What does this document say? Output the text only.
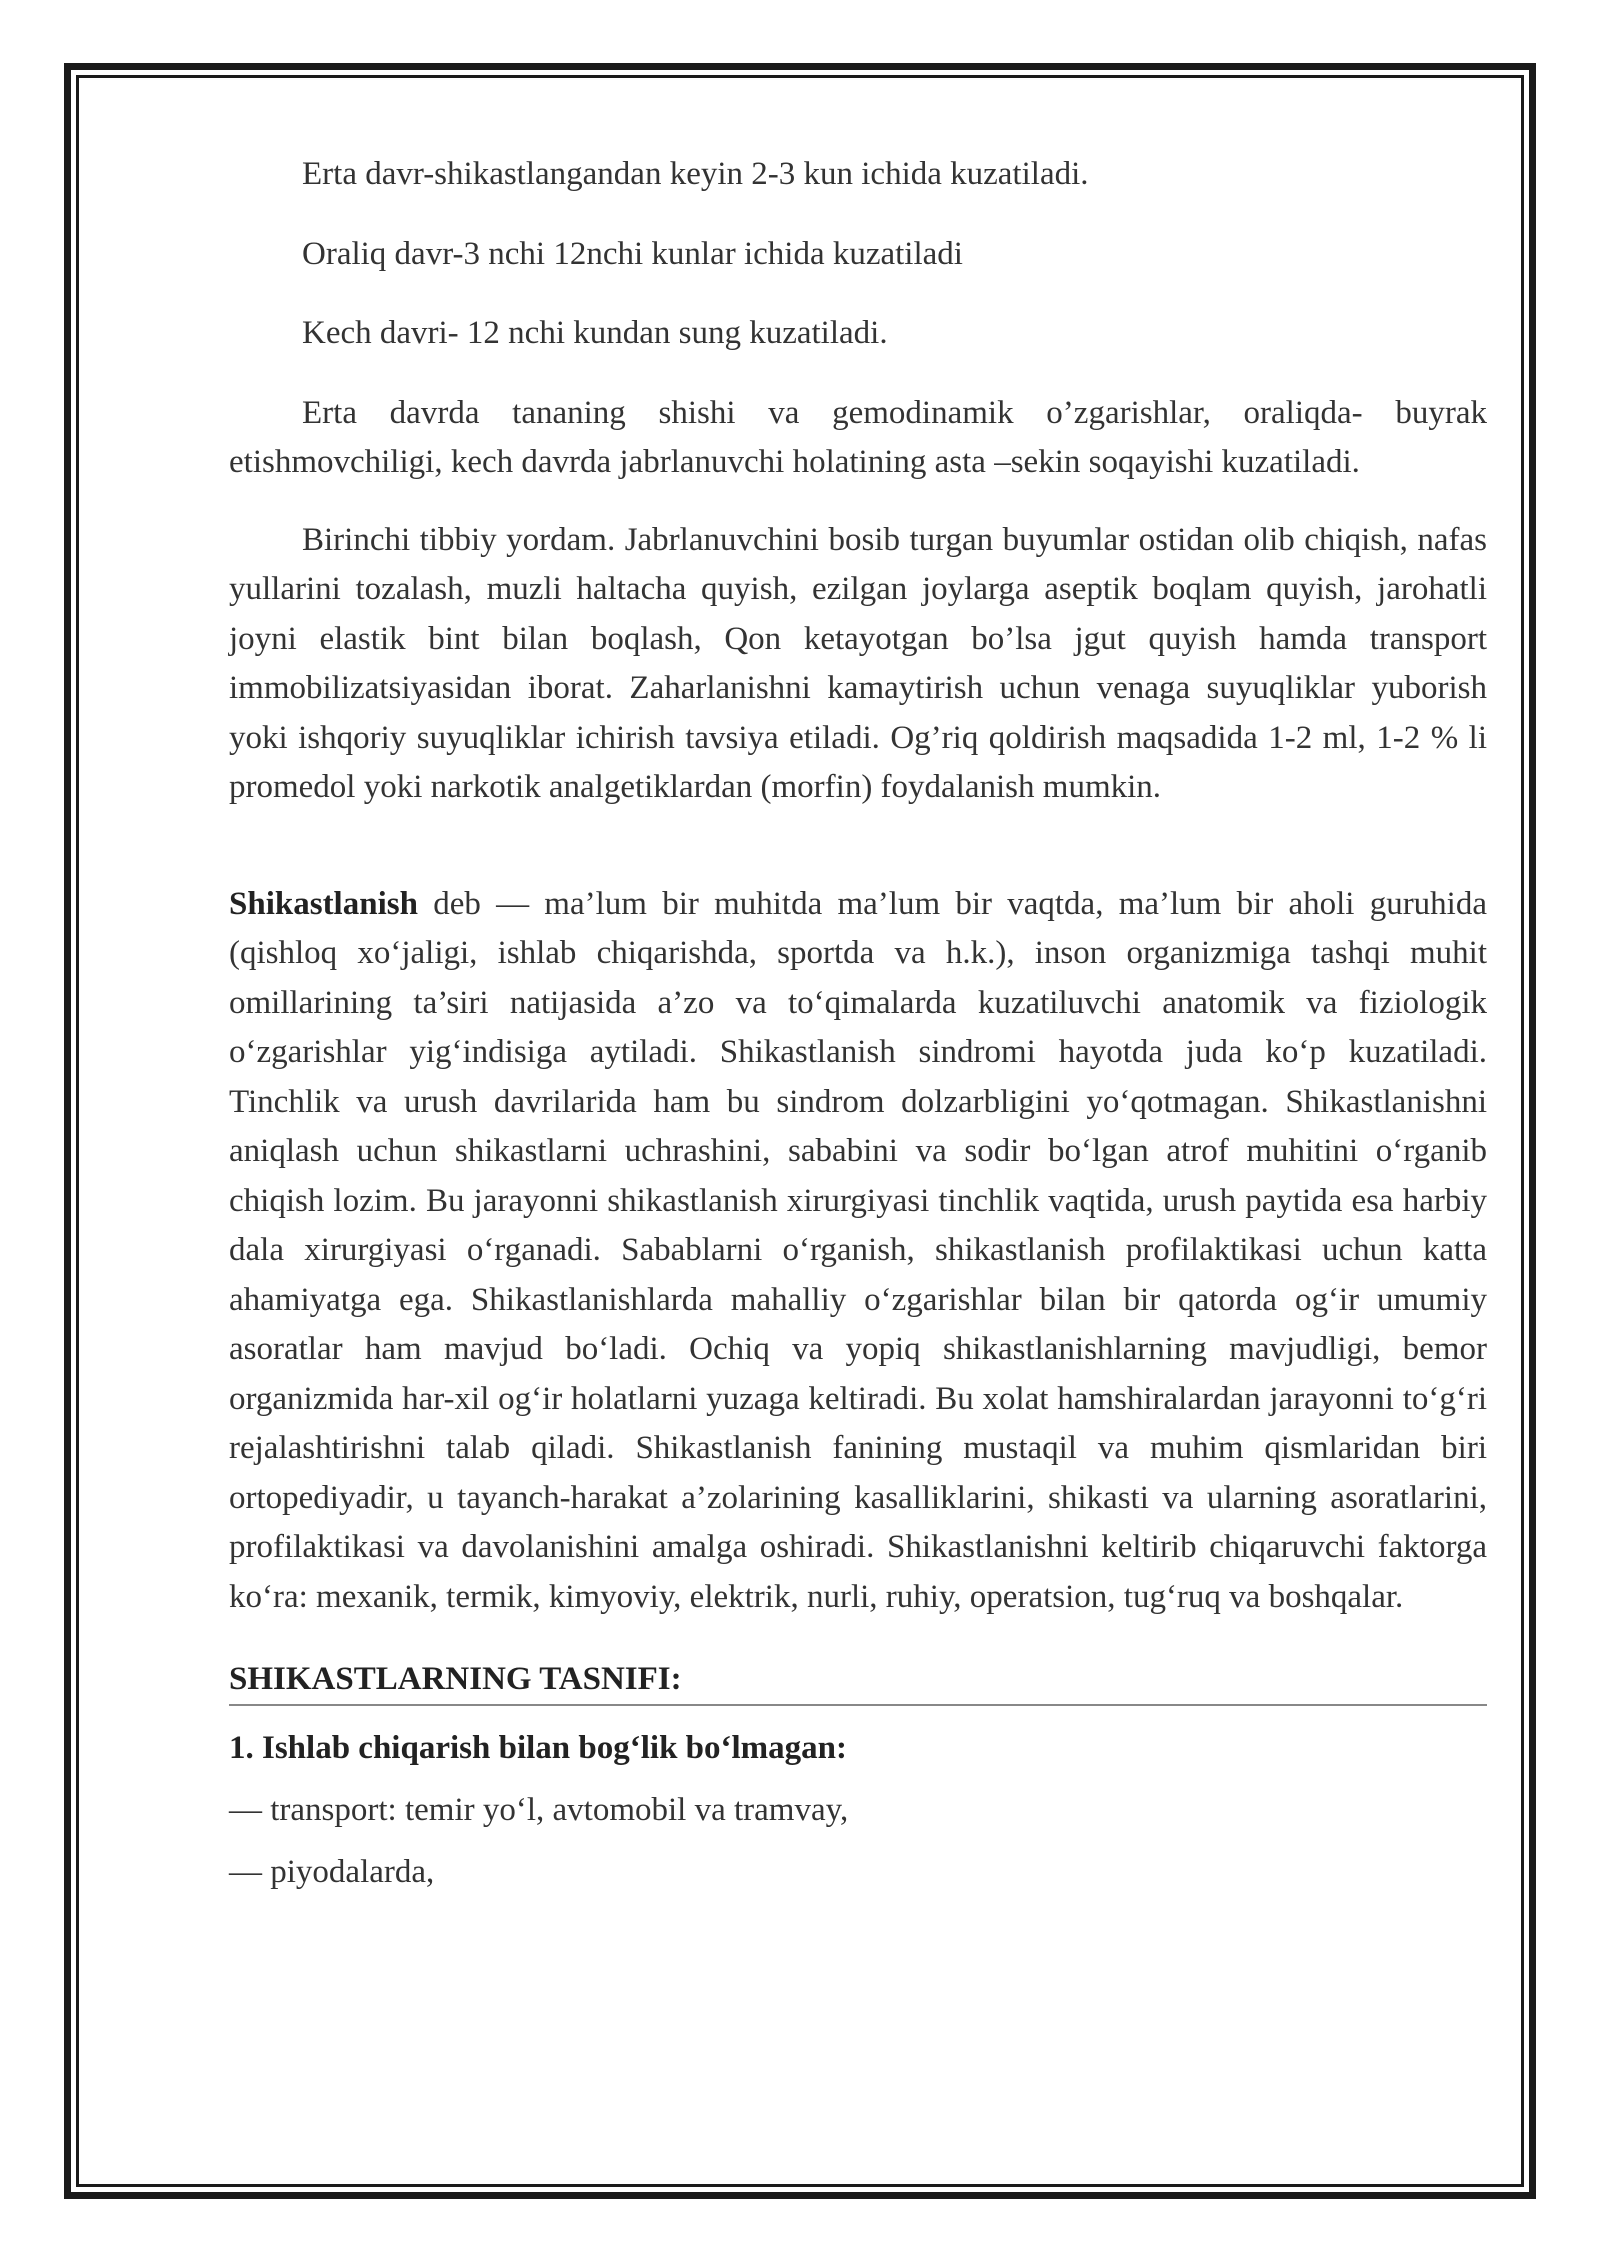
Erta davr-shikastlangandan keyin 2-3 kun ichida kuzatiladi.

Oraliq davr-3 nchi 12nchi kunlar ichida kuzatiladi

Kech davri- 12 nchi kundan sung kuzatiladi.

Erta davrda tananing shishi va gemodinamik o’zgarishlar, oraliqda- buyrak etishmovchiligi, kech davrda jabrlanuvchi holatining asta –sekin soqayishi kuzatiladi.

Birinchi tibbiy yordam. Jabrlanuvchini bosib turgan buyumlar ostidan olib chiqish, nafas yullarini tozalash, muzli haltacha quyish, ezilgan joylarga aseptik boqlam quyish, jarohatli joyni elastik bint bilan boqlash, Qon ketayotgan bo’lsa jgut quyish hamda transport immobilizatsiyasidan iborat. Zaharlanishni kamaytirish uchun venaga suyuqliklar yuborish yoki ishqoriy suyuqliklar ichirish tavsiya etiladi. Og’riq qoldirish maqsadida 1-2 ml, 1-2 % li promedol yoki narkotik analgetiklardan (morfin) foydalanish mumkin.

Shikastlanish deb — ma’lum bir muhitda ma’lum bir vaqtda, ma’lum bir aholi guruhida (qishloq xo‘jaligi, ishlab chiqarishda, sportda va h.k.), inson organizmiga tashqi muhit omillarining ta’siri natijasida a’zo va to‘qimalarda kuzatiluvchi anatomik va fiziologik o‘zgarishlar yig‘indisiga aytiladi. Shikastlanish sindromi hayotda juda ko‘p kuzatiladi. Tinchlik va urush davrilarida ham bu sindrom dolzarbligini yo‘qotmagan. Shikastlanishni aniqlash uchun shikastlarni uchrashini, sababini va sodir bo‘lgan atrof muhitini o‘rganib chiqish lozim. Bu jarayonni shikastlanish xirurgiyasi tinchlik vaqtida, urush paytida esa harbiy dala xirurgiyasi o‘rganadi. Sabablarni o‘rganish, shikastlanish profilaktikasi uchun katta ahamiyatga ega. Shikastlanishlarda mahalliy o‘zgarishlar bilan bir qatorda og‘ir umumiy asoratlar ham mavjud bo‘ladi. Ochiq va yopiq shikastlanishlarning mavjudligi, bemor organizmida har-xil og‘ir holatlarni yuzaga keltiradi. Bu xolat hamshiralardan jarayonni to‘g‘ri rejalashtirishni talab qiladi. Shikastlanish fanining mustaqil va muhim qismlaridan biri ortopediyadir, u tayanch-harakat a’zolarining kasalliklarini, shikasti va ularning asoratlarini, profilaktikasi va davolanishini amalga oshiradi. Shikastlanishni keltirib chiqaruvchi faktorga ko‘ra: mexanik, termik, kimyoviy, elektrik, nurli, ruhiy, operatsion, tug‘ruq va boshqalar.

SHIKASTLARNING TASNIFI:

1. Ishlab chiqarish bilan bog‘lik bo‘lmagan:

— transport: temir yo‘l, avtomobil va tramvay,

— piyodalarda,
